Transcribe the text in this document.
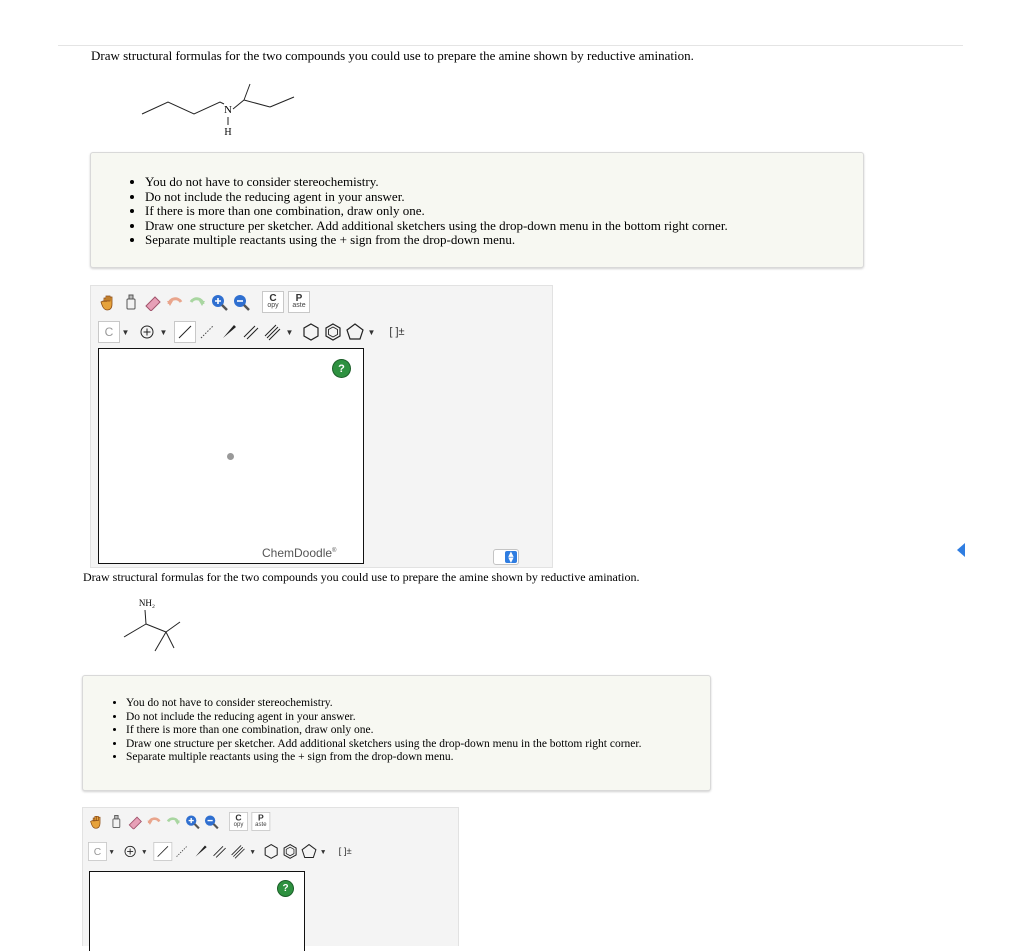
Draw structural formulas for the two compounds you could use to prepare the amine shown by reductive amination.
N
H
• You do not have to consider stereochemistry.
• Do not include the reducing agent in your answer.
• If there is more than one combination, draw only one.
• Draw one structure per sketcher. Add additional sketchers using the drop-down menu in the bottom right corner.
• Separate multiple reactants using the + sign from the drop-down menu.
C
opy
P
aste
C	▼	▼	▼	▼	[ ]±
?
ChemDoodle®	▲
▼
Draw structural formulas for the two compounds you could use to prepare the amine shown by reductive amination.
NH₂
• You do not have to consider stereochemistry.
• Do not include the reducing agent in your answer.
• If there is more than one combination, draw only one.
• Draw one structure per sketcher. Add additional sketchers using the drop-down menu in the bottom right corner.
• Separate multiple reactants using the + sign from the drop-down menu.
C
opy
P
aste
C ▼	▼	▼	▼	[ ]±
?
